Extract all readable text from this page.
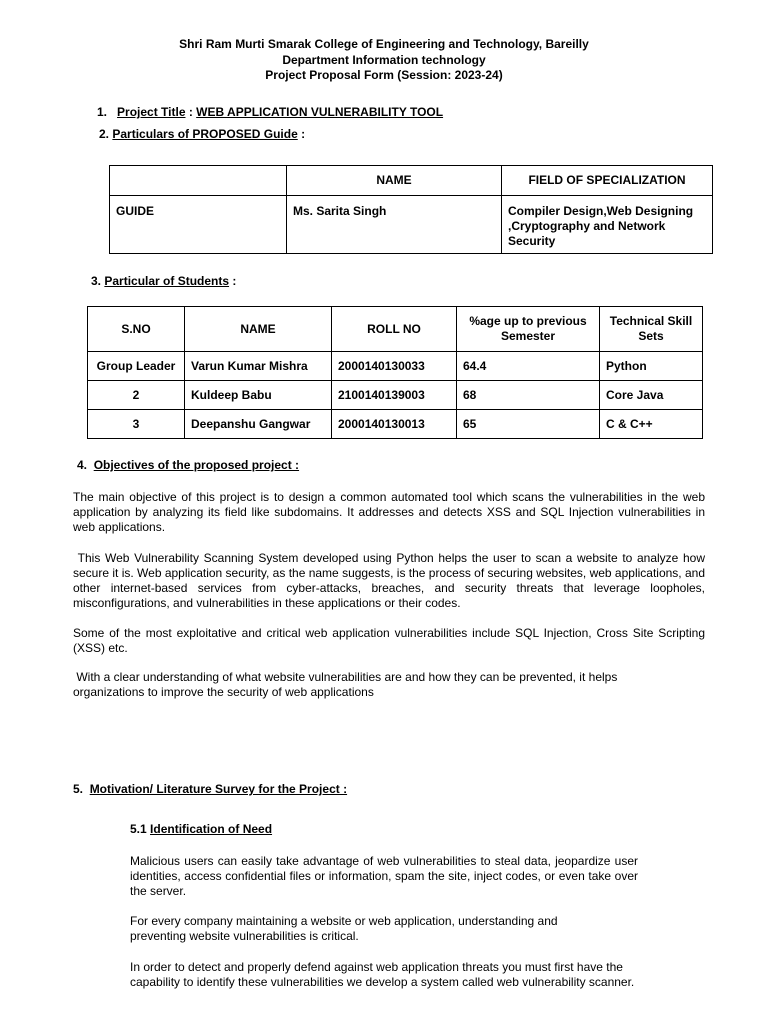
Shri Ram Murti Smarak College of Engineering and Technology, Bareilly
Department Information technology
Project Proposal Form (Session: 2023-24)
1. Project Title : WEB APPLICATION VULNERABILITY TOOL
2. Particulars of PROPOSED Guide :
	NAME	FIELD OF SPECIALIZATION
GUIDE	Ms. Sarita Singh	Compiler Design,Web Designing ,Cryptography and Network Security
3. Particular of Students :
S.NO	NAME	ROLL NO	%age up to previous Semester	Technical Skill Sets
Group Leader	Varun Kumar Mishra	2000140130033	64.4	Python
2	Kuldeep Babu	2100140139003	68	Core Java
3	Deepanshu Gangwar	2000140130013	65	C & C++
4. Objectives of the proposed project :
The main objective of this project is to design a common automated tool which scans the vulnerabilities in the web application by analyzing its field like subdomains. It addresses and detects XSS and SQL Injection vulnerabilities in web applications.
This Web Vulnerability Scanning System developed using Python helps the user to scan a website to analyze how secure it is. Web application security, as the name suggests, is the process of securing websites, web applications, and other internet-based services from cyber-attacks, breaches, and security threats that leverage loopholes, misconfigurations, and vulnerabilities in these applications or their codes.
Some of the most exploitative and critical web application vulnerabilities include SQL Injection, Cross Site Scripting (XSS) etc.
With a clear understanding of what website vulnerabilities are and how they can be prevented, it helps organizations to improve the security of web applications
5. Motivation/ Literature Survey for the Project :
5.1 Identification of Need
Malicious users can easily take advantage of web vulnerabilities to steal data, jeopardize user identities, access confidential files or information, spam the site, inject codes, or even take over the server.
For every company maintaining a website or web application, understanding and preventing website vulnerabilities is critical.
In order to detect and properly defend against web application threats you must first have the capability to identify these vulnerabilities we develop a system called web vulnerability scanner.
